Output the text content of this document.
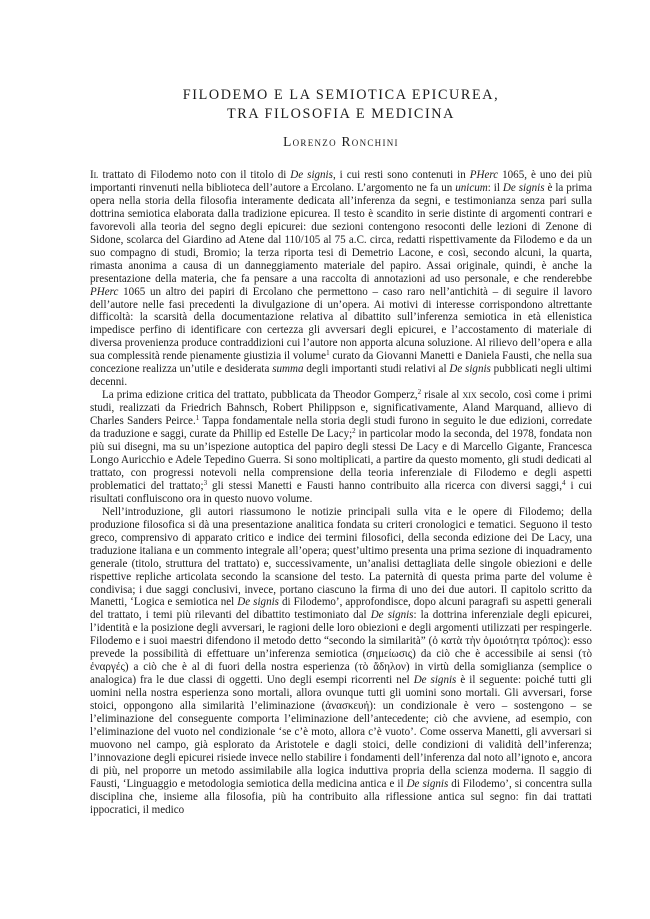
FILODEMO E LA SEMIOTICA EPICUREA,
TRA FILOSOFIA E MEDICINA
Lorenzo Ronchini

Il trattato di Filodemo noto con il titolo di De signis, i cui resti sono contenuti in PHerc 1065, è uno dei più importanti rinvenuti nella biblioteca dell’autore a Ercolano. L’argomento ne fa un unicum: il De signis è la prima opera nella storia della filosofia interamente dedicata all’inferenza da segni, e testimonianza senza pari sulla dottrina semiotica elaborata dalla tradizione epicurea. Il testo è scandito in serie distinte di argomenti contrari e favorevoli alla teoria del segno degli epicurei: due sezioni contengono resoconti delle lezioni di Zenone di Sidone, scolarca del Giardino ad Atene dal 110/105 al 75 a.C. circa, redatti rispettivamente da Filodemo e da un suo compagno di studi, Bromio; la terza riporta tesi di Demetrio Lacone, e così, secondo alcuni, la quarta, rimasta anonima a causa di un danneggiamento materiale del papiro. Assai originale, quindi, è anche la presentazione della materia, che fa pensare a una raccolta di annotazioni ad uso personale, e che renderebbe PHerc 1065 un altro dei papiri di Ercolano che permettono – caso raro nell’antichità – di seguire il lavoro dell’autore nelle fasi precedenti la divulgazione di un’opera. Ai motivi di interesse corrispondono altrettante difficoltà: la scarsità della documentazione relativa al dibattito sull’inferenza semiotica in età ellenistica impedisce perfino di identificare con certezza gli avversari degli epicurei, e l’accostamento di materiale di diversa provenienza produce contraddizioni cui l’autore non apporta alcuna soluzione. Al rilievo dell’opera e alla sua complessità rende pienamente giustizia il volume$^1$ curato da Giovanni Manetti e Daniela Fausti, che nella sua concezione realizza un’utile e desiderata summa degli importanti studi relativi al De signis pubblicati negli ultimi decenni.

La prima edizione critica del trattato, pubblicata da Theodor Gomperz,$^2$ risale al xix secolo, così come i primi studi, realizzati da Friedrich Bahnsch, Robert Philippson e, significativamente, Aland Marquand, allievo di Charles Sanders Peirce.$^1$ Tappa fondamentale nella storia degli studi furono in seguito le due edizioni, corredate da traduzione e saggi, curate da Phillip ed Estelle De Lacy;$^2$ in particolar modo la seconda, del 1978, fondata non più sui disegni, ma su un’ispezione autoptica del papiro degli stessi De Lacy e di Marcello Gigante, Francesca Longo Auricchio e Adele Tepedino Guerra. Si sono moltiplicati, a partire da questo momento, gli studi dedicati al trattato, con progressi notevoli nella comprensione della teoria inferenziale di Filodemo e degli aspetti problematici del trattato;$^3$ gli stessi Manetti e Fausti hanno contribuito alla ricerca con diversi saggi,$^4$ i cui risultati confluiscono ora in questo nuovo volume.

Nell’introduzione, gli autori riassumono le notizie principali sulla vita e le opere di Filodemo; della produzione filosofica si dà una presentazione analitica fondata su criteri cronologici e tematici. Seguono il testo greco, comprensivo di apparato critico e indice dei termini filosofici, della seconda edizione dei De Lacy, una traduzione italiana e un commento integrale all’opera; quest’ultimo presenta una prima sezione di inquadramento generale (titolo, struttura del trattato) e, successivamente, un’analisi dettagliata delle singole obiezioni e delle rispettive repliche articolata secondo la scansione del testo. La paternità di questa prima parte del volume è condivisa; i due saggi conclusivi, invece, portano ciascuno la firma di uno dei due autori. Il capitolo scritto da Manetti, ‘Logica e semiotica nel De signis di Filodemo’, approfondisce, dopo alcuni paragrafi su aspetti generali del trattato, i temi più rilevanti del dibattito testimoniato dal De signis: la dottrina inferenziale degli epicurei, l’identità e la posizione degli avversari, le ragioni delle loro obiezioni e degli argomenti utilizzati per respingerle. Filodemo e i suoi maestri difendono il metodo detto “secondo la similarità” (ὁ κατὰ τὴν ὁμοιότητα τρόπος): esso prevede la possibilità di effettuare un’inferenza semiotica (σημείωσις) da ciò che è accessibile ai sensi (τὸ ἐναργές) a ciò che è al di fuori della nostra esperienza (τὸ ἄδηλον) in virtù della somiglianza (semplice o analogica) fra le due classi di oggetti. Uno degli esempi ricorrenti nel De signis è il seguente: poiché tutti gli uomini nella nostra esperienza sono mortali, allora ovunque tutti gli uomini sono mortali. Gli avversari, forse stoici, oppongono alla similarità l’eliminazione (ἀνασκευή): un condizionale è vero – sostengono – se l’eliminazione del conseguente comporta l’eliminazione dell’antecedente; ciò che avviene, ad esempio, con l’eliminazione del vuoto nel condizionale ‘se c’è moto, allora c’è vuoto’. Come osserva Manetti, gli avversari si muovono nel campo, già esplorato da Aristotele e dagli stoici, delle condizioni di validità dell’inferenza; l’innovazione degli epicurei risiede invece nello stabilire i fondamenti dell’inferenza dal noto all’ignoto e, ancora di più, nel proporre un metodo assimilabile alla logica induttiva propria della scienza moderna. Il saggio di Fausti, ‘Linguaggio e metodologia semiotica della medicina antica e il De signis di Filodemo’, si concentra sulla disciplina che, insieme alla filosofia, più ha contribuito alla riflessione antica sul segno: fin dai trattati ippocratici, il medico
